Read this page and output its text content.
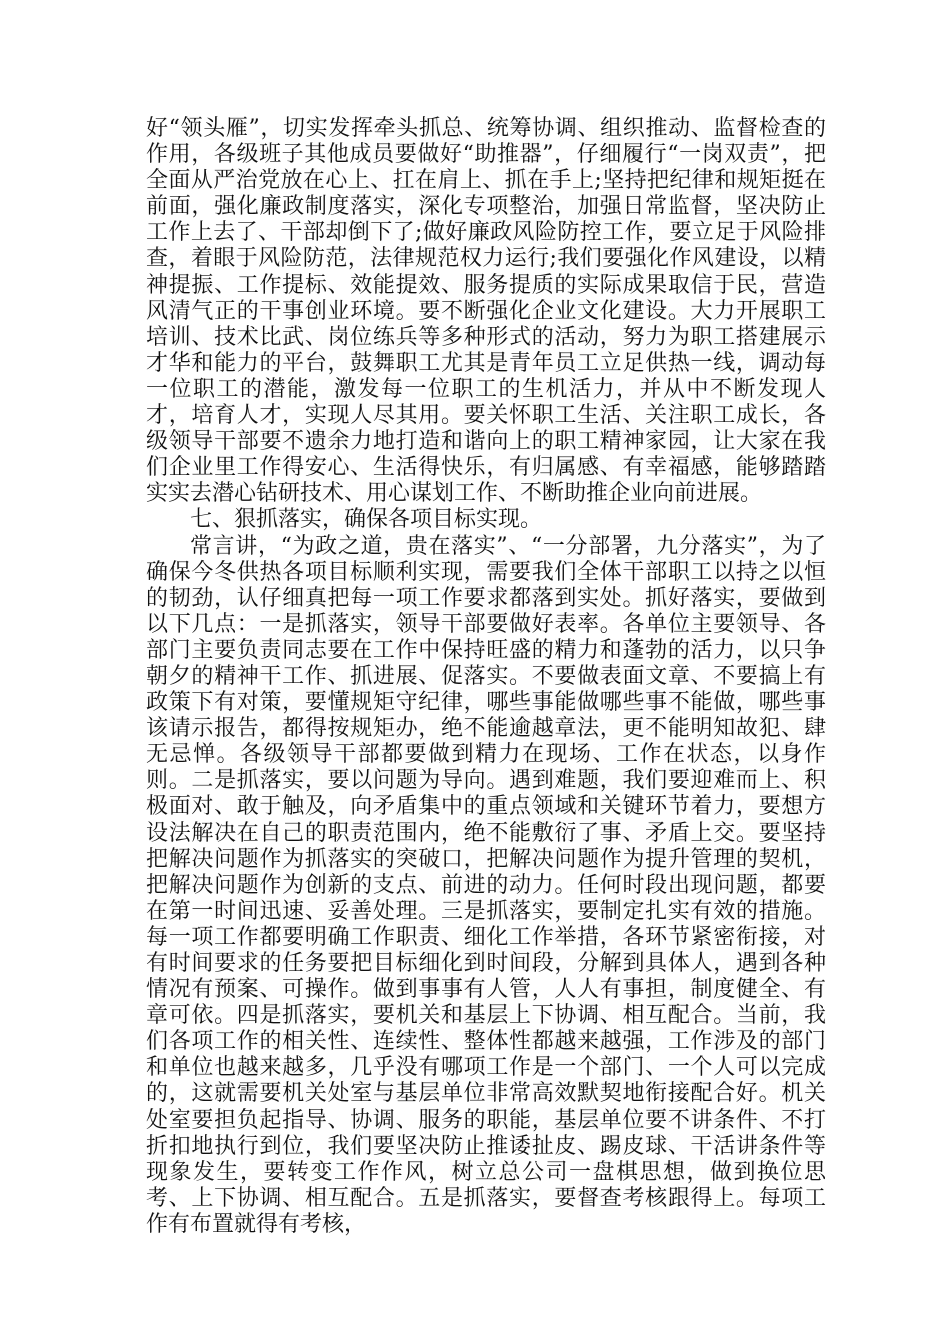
好“领头雁”，切实发挥牵头抓总、统筹协调、组织推动、监督检查的作用，各级班子其他成员要做好“助推器”，仔细履行“一岗双责”，把全面从严治党放在心上、扛在肩上、抓在手上;坚持把纪律和规矩挺在前面，强化廉政制度落实，深化专项整治，加强日常监督，坚决防止工作上去了、干部却倒下了;做好廉政风险防控工作，要立足于风险排查，着眼于风险防范，法律规范权力运行;我们要强化作风建设，以精神提振、工作提标、效能提效、服务提质的实际成果取信于民，营造风清气正的干事创业环境。要不断强化企业文化建设。大力开展职工培训、技术比武、岗位练兵等多种形式的活动，努力为职工搭建展示才华和能力的平台，鼓舞职工尤其是青年员工立足供热一线，调动每一位职工的潜能，激发每一位职工的生机活力，并从中不断发现人才，培育人才，实现人尽其用。要关怀职工生活、关注职工成长，各级领导干部要不遗余力地打造和谐向上的职工精神家园，让大家在我们企业里工作得安心、生活得快乐，有归属感、有幸福感，能够踏踏实实去潜心钻研技术、用心谋划工作、不断助推企业向前进展。

七、狠抓落实，确保各项目标实现。

常言讲，“为政之道，贵在落实”、“一分部署，九分落实”，为了确保今冬供热各项目标顺利实现，需要我们全体干部职工以持之以恒的韧劲，认仔细真把每一项工作要求都落到实处。抓好落实，要做到以下几点：一是抓落实，领导干部要做好表率。各单位主要领导、各部门主要负责同志要在工作中保持旺盛的精力和蓬勃的活力，以只争朝夕的精神干工作、抓进展、促落实。不要做表面文章、不要搞上有政策下有对策，要懂规矩守纪律，哪些事能做哪些事不能做，哪些事该请示报告，都得按规矩办，绝不能逾越章法，更不能明知故犯、肆无忌惮。各级领导干部都要做到精力在现场、工作在状态，以身作则。二是抓落实，要以问题为导向。遇到难题，我们要迎难而上、积极面对、敢于触及，向矛盾集中的重点领域和关键环节着力，要想方设法解决在自己的职责范围内，绝不能敷衍了事、矛盾上交。要坚持把解决问题作为抓落实的突破口，把解决问题作为提升管理的契机，把解决问题作为创新的支点、前进的动力。任何时段出现问题，都要在第一时间迅速、妥善处理。三是抓落实，要制定扎实有效的措施。每一项工作都要明确工作职责、细化工作举措，各环节紧密衔接，对有时间要求的任务要把目标细化到时间段，分解到具体人，遇到各种情况有预案、可操作。做到事事有人管，人人有事担，制度健全、有章可依。四是抓落实，要机关和基层上下协调、相互配合。当前，我们各项工作的相关性、连续性、整体性都越来越强，工作涉及的部门和单位也越来越多，几乎没有哪项工作是一个部门、一个人可以完成的，这就需要机关处室与基层单位非常高效默契地衔接配合好。机关处室要担负起指导、协调、服务的职能，基层单位要不讲条件、不打折扣地执行到位，我们要坚决防止推诿扯皮、踢皮球、干活讲条件等现象发生，要转变工作作风，树立总公司一盘棋思想，做到换位思考、上下协调、相互配合。五是抓落实，要督查考核跟得上。每项工作有布置就得有考核，
